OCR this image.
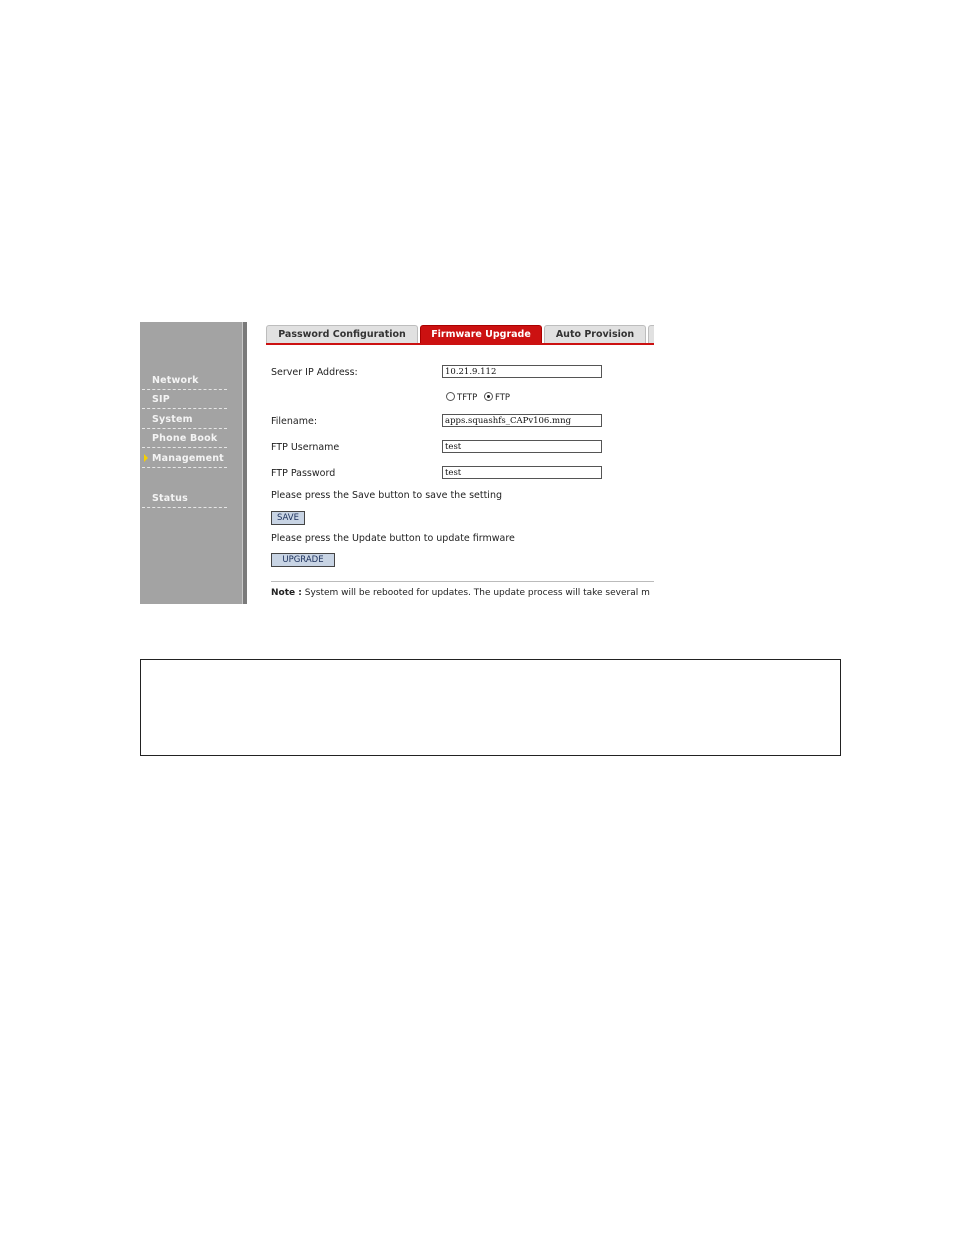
Network
SIP
System
Phone Book
Management
Status
Password Configuration	Firmware Upgrade	Auto Provision
Server IP Address:	10.21.9.112
TFTP FTP
Filename:	apps.squashfs_CAPv106.mng
FTP Username	test
FTP Password	test
Please press the Save button to save the setting
SAVE
Please press the Update button to update firmware
UPGRADE
Note : System will be rebooted for updates. The update process will take several m
